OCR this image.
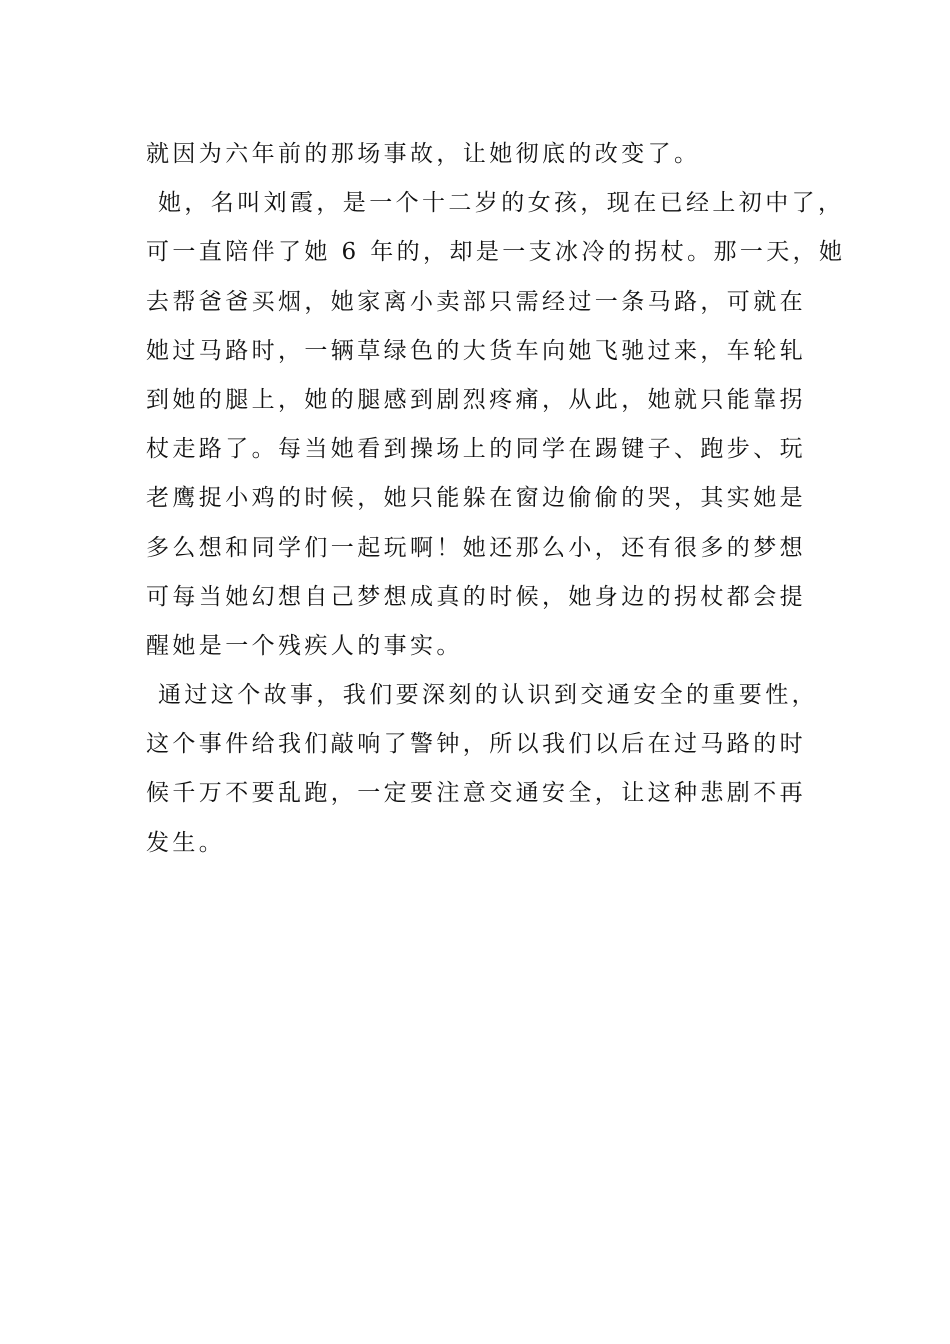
就因为六年前的那场事故，让她彻底的改变了。
她，名叫刘霞，是一个十二岁的女孩，现在已经上初中了，
可一直陪伴了她 6 年的，却是一支冰冷的拐杖。那一天，她
去帮爸爸买烟，她家离小卖部只需经过一条马路，可就在
她过马路时，一辆草绿色的大货车向她飞驰过来，车轮轧
到她的腿上，她的腿感到剧烈疼痛，从此，她就只能靠拐
杖走路了。每当她看到操场上的同学在踢键子、跑步、玩
老鹰捉小鸡的时候，她只能躲在窗边偷偷的哭，其实她是
多么想和同学们一起玩啊！她还那么小，还有很多的梦想
可每当她幻想自己梦想成真的时候，她身边的拐杖都会提
醒她是一个残疾人的事实。
通过这个故事，我们要深刻的认识到交通安全的重要性，
这个事件给我们敲响了警钟，所以我们以后在过马路的时
候千万不要乱跑，一定要注意交通安全，让这种悲剧不再
发生。
